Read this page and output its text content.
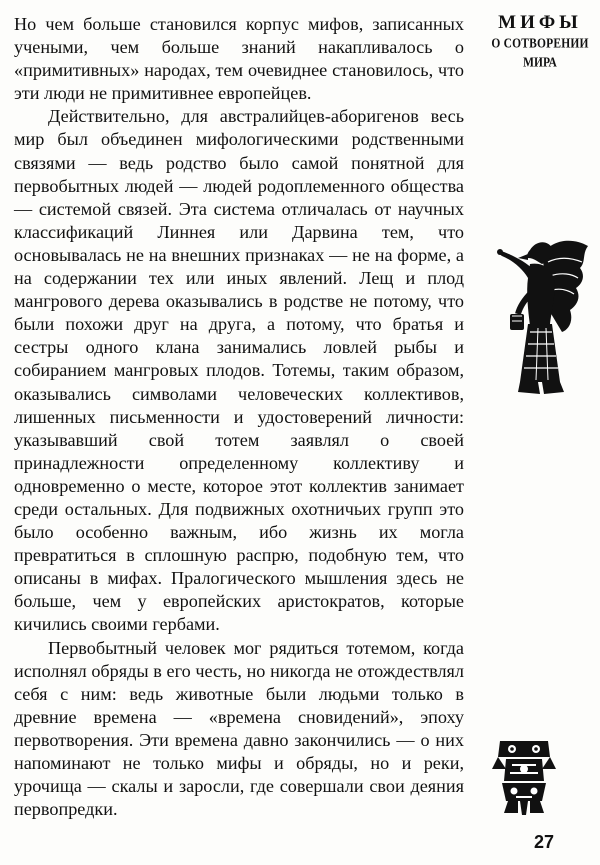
Но чем больше становился корпус мифов, записанных учеными, чем больше знаний накапливалось о «примитивных» народах, тем очевиднее становилось, что эти люди не примитивнее европейцев.

Действительно, для австралийцев-аборигенов весь мир был объединен мифологическими родственными связями — ведь родство было самой понятной для первобытных людей — людей родоплеменного общества — системой связей. Эта система отличалась от научных классификаций Линнея или Дарвина тем, что основывалась не на внешних признаках — не на форме, а на содержании тех или иных явлений. Лещ и плод мангрового дерева оказывались в родстве не потому, что были похожи друг на друга, а потому, что братья и сестры одного клана занимались ловлей рыбы и собиранием мангровых плодов. Тотемы, таким образом, оказывались символами человеческих коллективов, лишенных письменности и удостоверений личности: указывавший свой тотем заявлял о своей принадлежности определенному коллективу и одновременно о месте, которое этот коллектив занимает среди остальных. Для подвижных охотничьих групп это было особенно важным, ибо жизнь их могла превратиться в сплошную распрю, подобную тем, что описаны в мифах. Пралогического мышления здесь не больше, чем у европейских аристократов, которые кичились своими гербами.

Первобытный человек мог рядиться тотемом, когда исполнял обряды в его честь, но никогда не отождествлял себя с ним: ведь животные были людьми только в древние времена — «времена сновидений», эпоху первотворения. Эти времена давно закончились — о них напоминают не только мифы и обряды, но и реки, урочища — скалы и заросли, где совершали свои деяния первопредки.

МИФЫ
О СОТВОРЕНИИ
МИРА
27
